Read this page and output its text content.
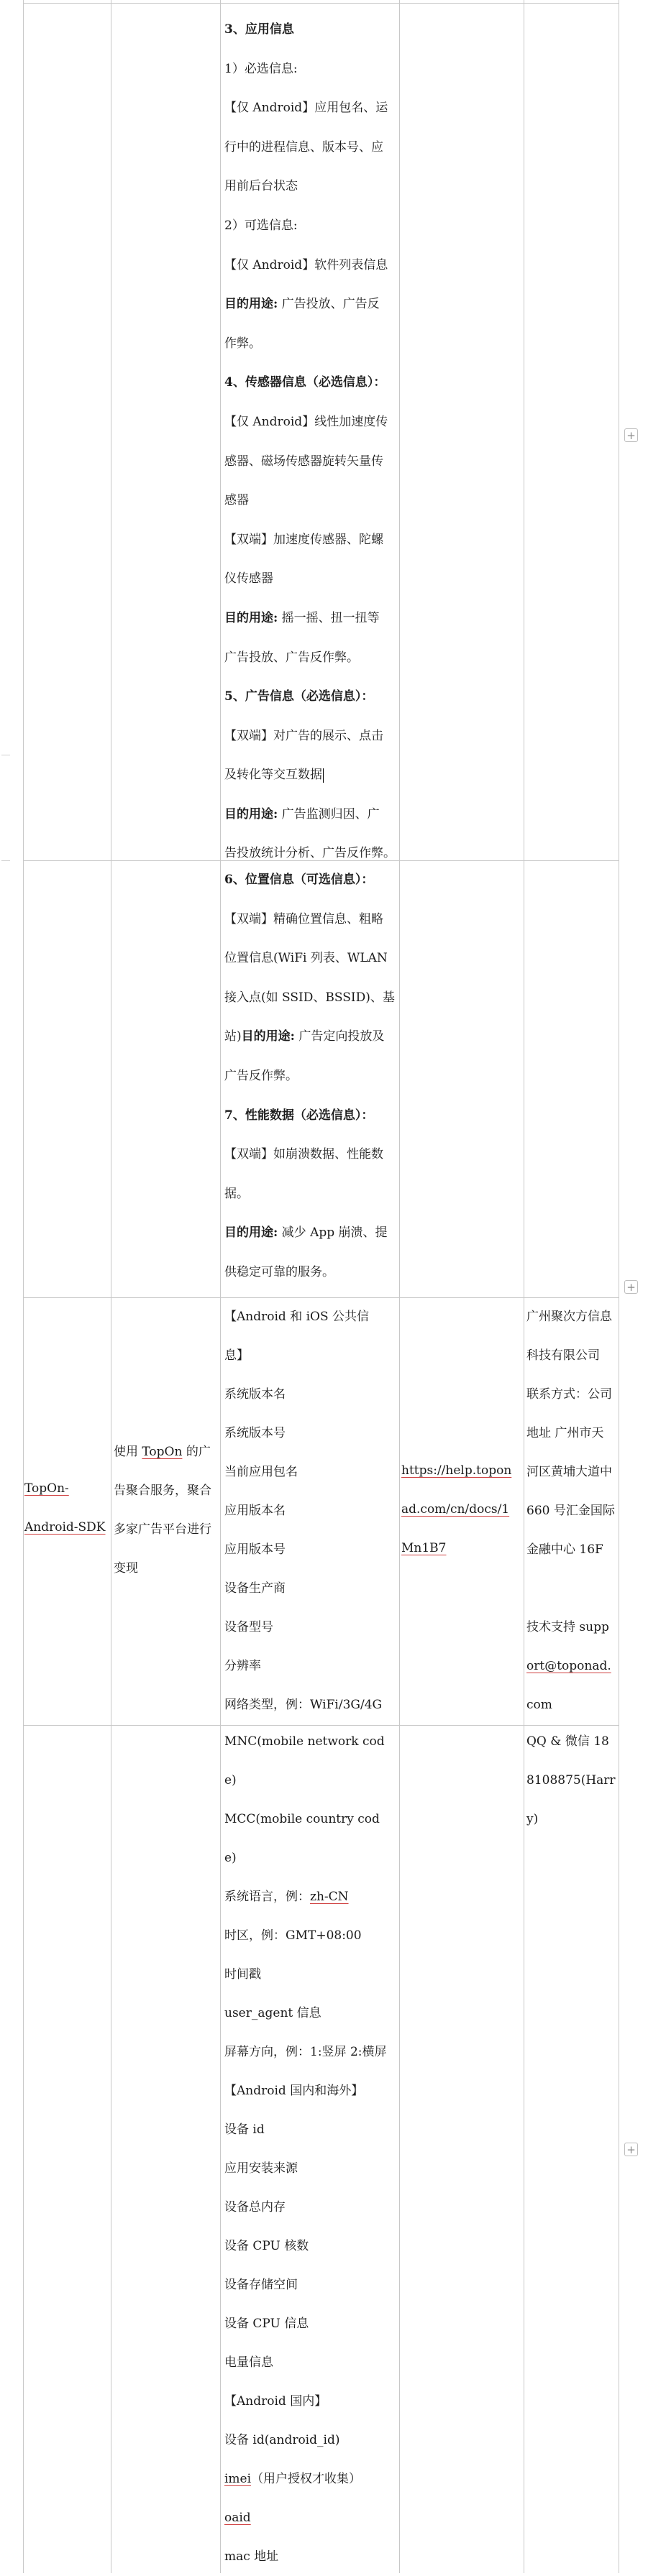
3、应用信息
1）必选信息:
【仅 Android】应用包名、运
行中的进程信息、版本号、应
用前后台状态
2）可选信息:
【仅 Android】软件列表信息
目的用途: 广告投放、广告反
作弊。
4、传感器信息（必选信息）：
【仅 Android】线性加速度传
感器、磁场传感器旋转矢量传
感器
【双端】加速度传感器、陀螺
仪传感器
目的用途: 摇一摇、扭一扭等
广告投放、广告反作弊。
5、广告信息（必选信息）：
【双端】对广告的展示、点击
及转化等交互数据
目的用途: 广告监测归因、广
告投放统计分析、广告反作弊。
+
6、位置信息（可选信息）：
【双端】精确位置信息、粗略
位置信息(WiFi 列表、WLAN
接入点(如 SSID、BSSID)、基
站)目的用途: 广告定向投放及
广告反作弊。
7、性能数据（必选信息）：
【双端】如崩溃数据、性能数
据。
目的用途: 减少 App 崩溃、提
供稳定可靠的服务。
+
TopOn-
Android-SDK
使用 TopOn 的广
告聚合服务，聚合
多家广告平台进行
变现
【Android 和 iOS 公共信
息】
系统版本名
系统版本号
当前应用包名
应用版本名
应用版本号
设备生产商
设备型号
分辨率
网络类型，例：WiFi/3G/4G
https://help.topon
ad.com/cn/docs/1
Mn1B7
广州聚次方信息
科技有限公司
联系方式：公司
地址 广州市天
河区黄埔大道中
660 号汇金国际
金融中心 16F
技术支持 supp
ort@toponad.
com
MNC(mobile network cod
e)
MCC(mobile country cod
e)
系统语言，例：zh-CN
时区，例：GMT+08:00
时间戳
user_agent 信息
屏幕方向，例：1:竖屏 2:横屏
【Android 国内和海外】
设备 id
应用安装来源
设备总内存
设备 CPU 核数
设备存储空间
设备 CPU 信息
电量信息
【Android 国内】
设备 id(android_id)
imei（用户授权才收集）
oaid
mac 地址
QQ & 微信 18
8108875(Harr
y)
+
